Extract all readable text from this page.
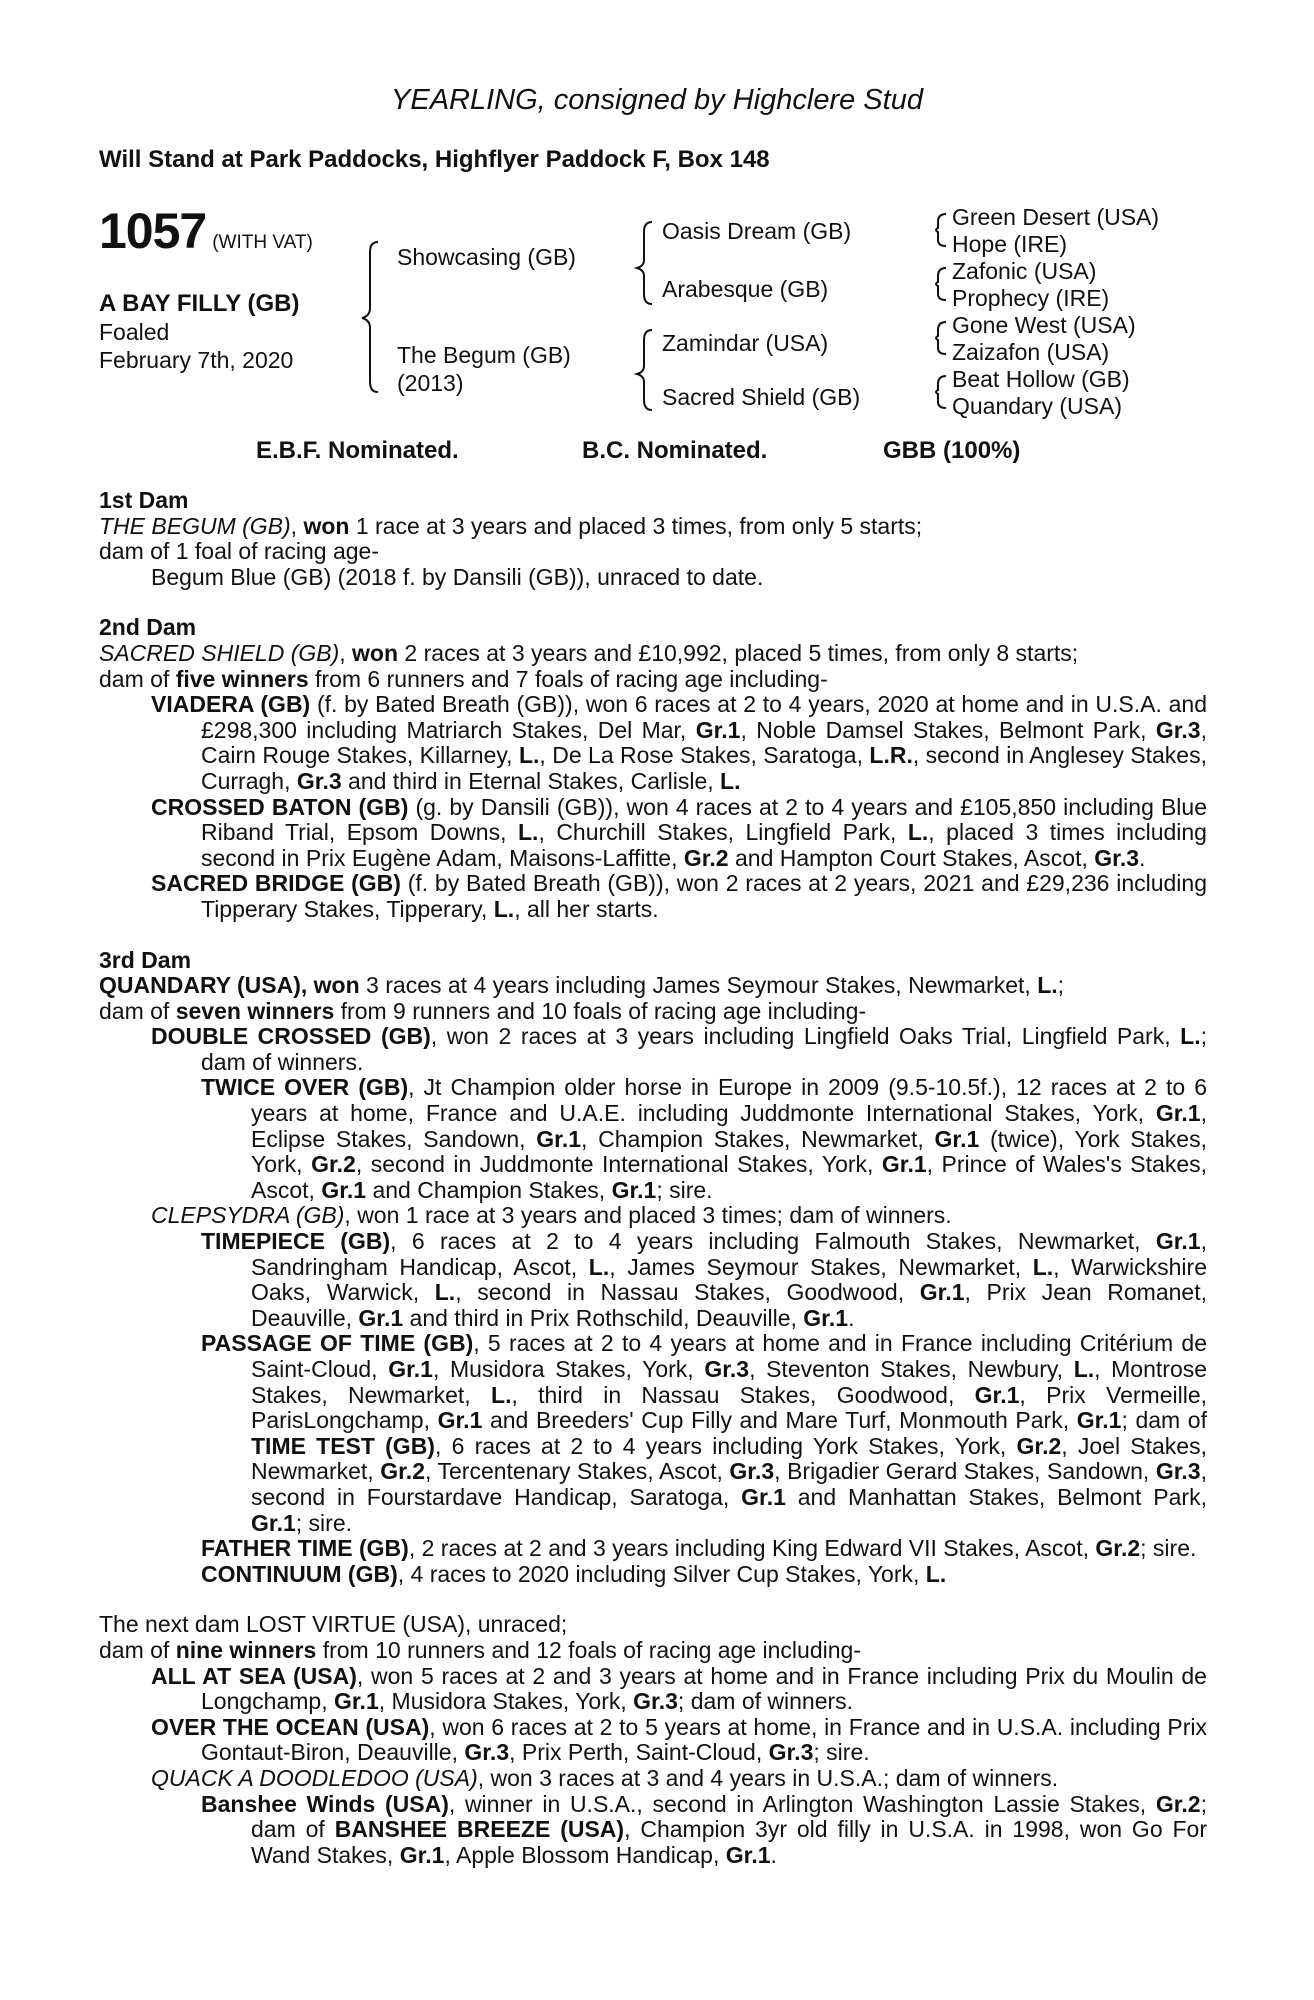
YEARLING, consigned by Highclere Stud
Will Stand at Park Paddocks, Highflyer Paddock F, Box 148
1057 (WITH VAT)
A BAY FILLY (GB)
Foaled
February 7th, 2020
Showcasing (GB)
The Begum (GB)
(2013)
Oasis Dream (GB)
Arabesque (GB)
Zamindar (USA)
Sacred Shield (GB)
Green Desert (USA)
Hope (IRE)
Zafonic (USA)
Prophecy (IRE)
Gone West (USA)
Zaizafon (USA)
Beat Hollow (GB)
Quandary (USA)
E.B.F. Nominated.	B.C. Nominated.	GBB (100%)

1st Dam

THE BEGUM (GB), won 1 race at 3 years and placed 3 times, from only 5 starts;

dam of 1 foal of racing age-

Begum Blue (GB) (2018 f. by Dansili (GB)), unraced to date.

2nd Dam

SACRED SHIELD (GB), won 2 races at 3 years and £10,992, placed 5 times, from only 8 starts;

dam of five winners from 6 runners and 7 foals of racing age including-

VIADERA (GB) (f. by Bated Breath (GB)), won 6 races at 2 to 4 years, 2020 at home and in U.S.A. and £298,300 including Matriarch Stakes, Del Mar, Gr.1, Noble Damsel Stakes, Belmont Park, Gr.3, Cairn Rouge Stakes, Killarney, L., De La Rose Stakes, Saratoga, L.R., second in Anglesey Stakes, Curragh, Gr.3 and third in Eternal Stakes, Carlisle, L.

CROSSED BATON (GB) (g. by Dansili (GB)), won 4 races at 2 to 4 years and £105,850 including Blue Riband Trial, Epsom Downs, L., Churchill Stakes, Lingfield Park, L., placed 3 times including second in Prix Eugène Adam, Maisons-Laffitte, Gr.2 and Hampton Court Stakes, Ascot, Gr.3.

SACRED BRIDGE (GB) (f. by Bated Breath (GB)), won 2 races at 2 years, 2021 and £29,236 including Tipperary Stakes, Tipperary, L., all her starts.

3rd Dam

QUANDARY (USA), won 3 races at 4 years including James Seymour Stakes, Newmarket, L.;

dam of seven winners from 9 runners and 10 foals of racing age including-

DOUBLE CROSSED (GB), won 2 races at 3 years including Lingfield Oaks Trial, Lingfield Park, L.; dam of winners.

TWICE OVER (GB), Jt Champion older horse in Europe in 2009 (9.5-10.5f.), 12 races at 2 to 6 years at home, France and U.A.E. including Juddmonte International Stakes, York, Gr.1, Eclipse Stakes, Sandown, Gr.1, Champion Stakes, Newmarket, Gr.1 (twice), York Stakes, York, Gr.2, second in Juddmonte International Stakes, York, Gr.1, Prince of Wales's Stakes, Ascot, Gr.1 and Champion Stakes, Gr.1; sire.

CLEPSYDRA (GB), won 1 race at 3 years and placed 3 times; dam of winners.

TIMEPIECE (GB), 6 races at 2 to 4 years including Falmouth Stakes, Newmarket, Gr.1, Sandringham Handicap, Ascot, L., James Seymour Stakes, Newmarket, L., Warwickshire Oaks, Warwick, L., second in Nassau Stakes, Goodwood, Gr.1, Prix Jean Romanet, Deauville, Gr.1 and third in Prix Rothschild, Deauville, Gr.1.

PASSAGE OF TIME (GB), 5 races at 2 to 4 years at home and in France including Critérium de Saint-Cloud, Gr.1, Musidora Stakes, York, Gr.3, Steventon Stakes, Newbury, L., Montrose Stakes, Newmarket, L., third in Nassau Stakes, Goodwood, Gr.1, Prix Vermeille, ParisLongchamp, Gr.1 and Breeders' Cup Filly and Mare Turf, Monmouth Park, Gr.1; dam of TIME TEST (GB), 6 races at 2 to 4 years including York Stakes, York, Gr.2, Joel Stakes, Newmarket, Gr.2, Tercentenary Stakes, Ascot, Gr.3, Brigadier Gerard Stakes, Sandown, Gr.3, second in Fourstardave Handicap, Saratoga, Gr.1 and Manhattan Stakes, Belmont Park, Gr.1; sire.

FATHER TIME (GB), 2 races at 2 and 3 years including King Edward VII Stakes, Ascot, Gr.2; sire.

CONTINUUM (GB), 4 races to 2020 including Silver Cup Stakes, York, L.

The next dam LOST VIRTUE (USA), unraced;

dam of nine winners from 10 runners and 12 foals of racing age including-

ALL AT SEA (USA), won 5 races at 2 and 3 years at home and in France including Prix du Moulin de Longchamp, Gr.1, Musidora Stakes, York, Gr.3; dam of winners.

OVER THE OCEAN (USA), won 6 races at 2 to 5 years at home, in France and in U.S.A. including Prix Gontaut-Biron, Deauville, Gr.3, Prix Perth, Saint-Cloud, Gr.3; sire.

QUACK A DOODLEDOO (USA), won 3 races at 3 and 4 years in U.S.A.; dam of winners.

Banshee Winds (USA), winner in U.S.A., second in Arlington Washington Lassie Stakes, Gr.2; dam of BANSHEE BREEZE (USA), Champion 3yr old filly in U.S.A. in 1998, won Go For Wand Stakes, Gr.1, Apple Blossom Handicap, Gr.1.
